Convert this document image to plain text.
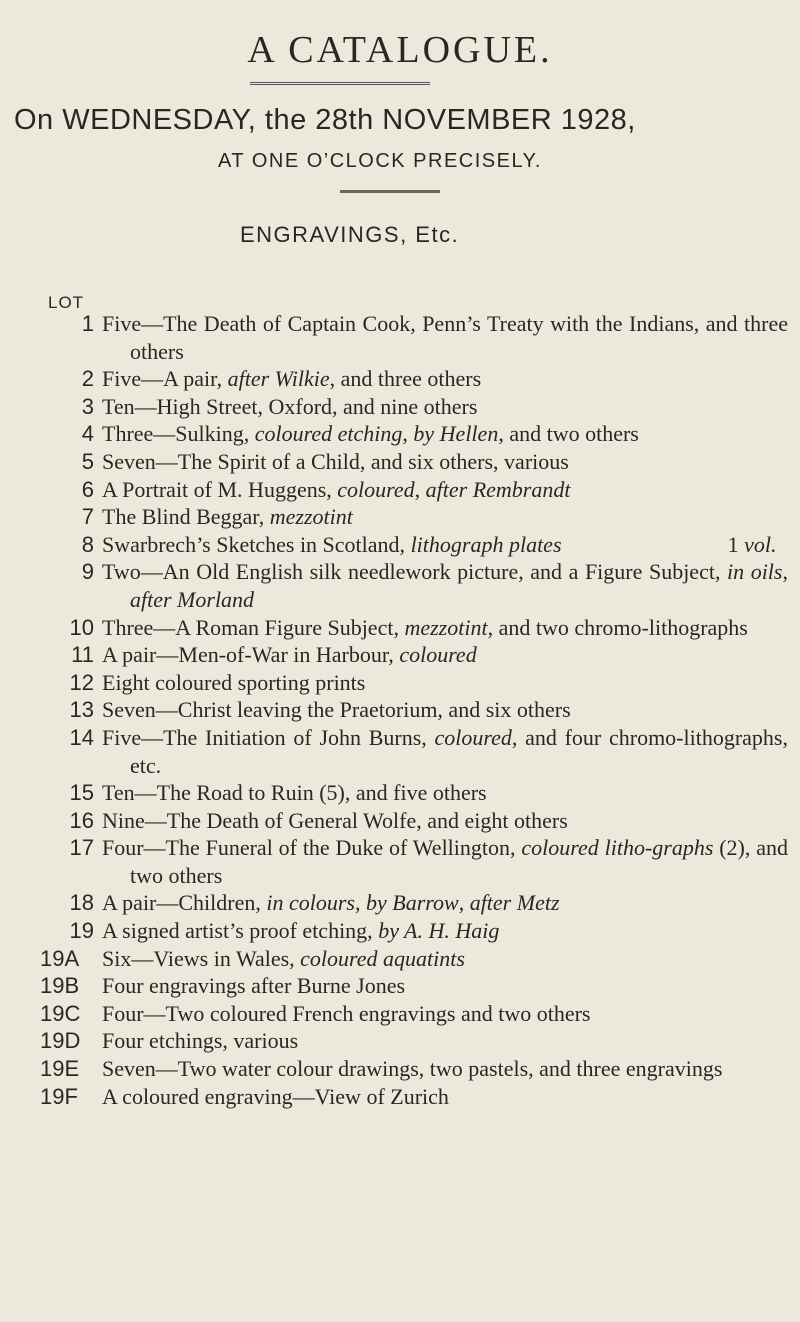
A CATALOGUE.
On WEDNESDAY, the 28th NOVEMBER 1928,
AT ONE O’CLOCK PRECISELY.
ENGRAVINGS, Etc.
LOT
1 Five—The Death of Captain Cook, Penn’s Treaty with the Indians, and three others
2 Five—A pair, after Wilkie, and three others
3 Ten—High Street, Oxford, and nine others
4 Three—Sulking, coloured etching, by Hellen, and two others
5 Seven—The Spirit of a Child, and six others, various
6 A Portrait of M. Huggens, coloured, after Rembrandt
7 The Blind Beggar, mezzotint
8 Swarbrech’s Sketches in Scotland, lithograph plates	1 vol.
9 Two—An Old English silk needlework picture, and a Figure Subject, in oils, after Morland
10 Three—A Roman Figure Subject, mezzotint, and two chromo-lithographs
11 A pair—Men-of-War in Harbour, coloured
12 Eight coloured sporting prints
13 Seven—Christ leaving the Praetorium, and six others
14 Five—The Initiation of John Burns, coloured, and four chromo-lithographs, etc.
15 Ten—The Road to Ruin (5), and five others
16 Nine—The Death of General Wolfe, and eight others
17 Four—The Funeral of the Duke of Wellington, coloured litho-graphs (2), and two others
18 A pair—Children, in colours, by Barrow, after Metz
19 A signed artist’s proof etching, by A. H. Haig
19A	Six—Views in Wales, coloured aquatints
19B	Four engravings after Burne Jones
19C Four—Two coloured French engravings and two others
19D Four etchings, various
19E	Seven—Two water colour drawings, two pastels, and three engravings
19F	A coloured engraving—View of Zurich
